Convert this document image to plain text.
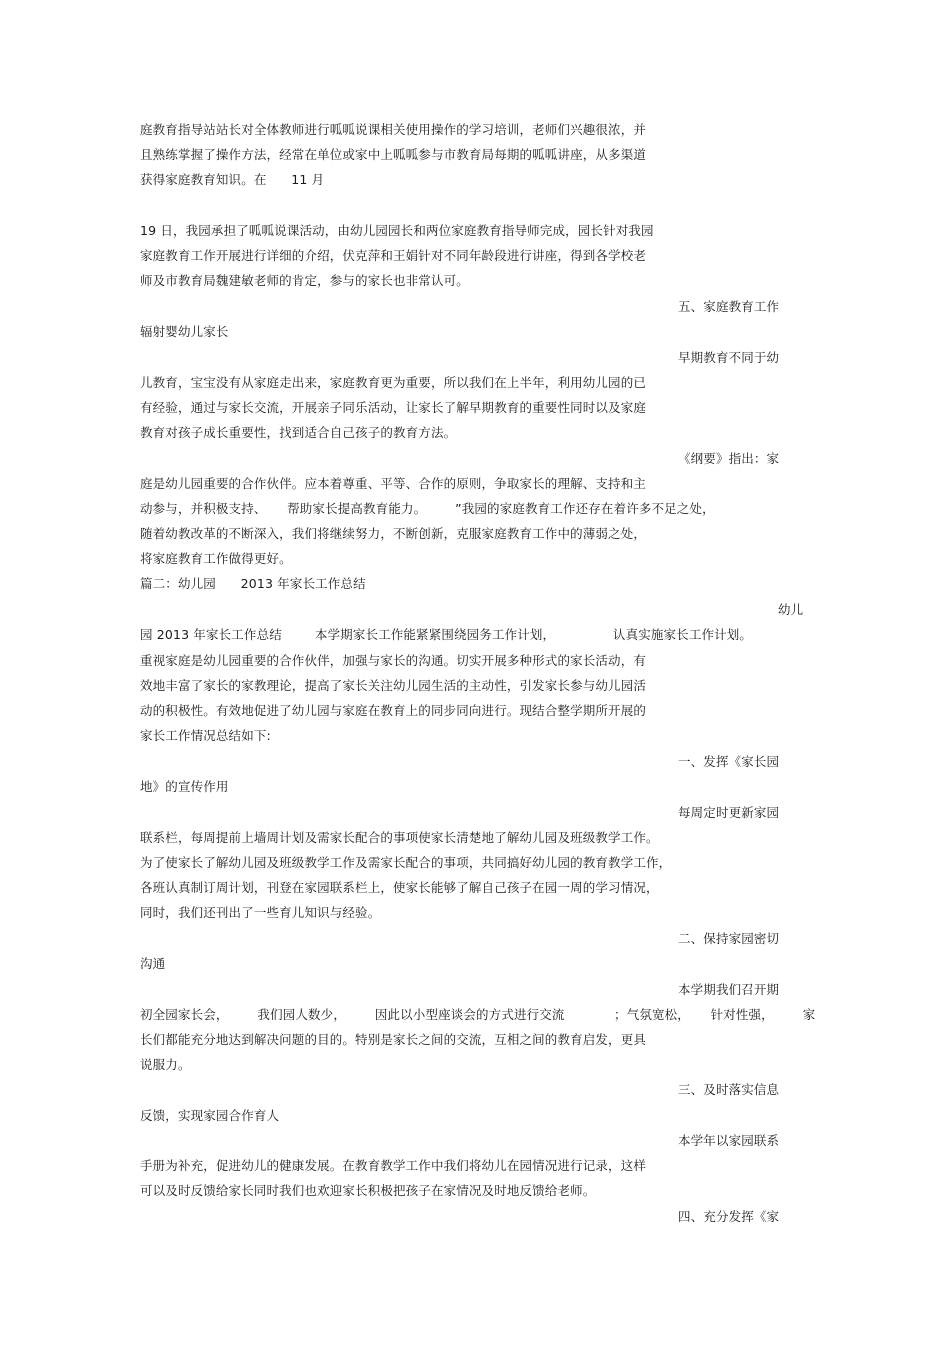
庭教育指导站站长对全体教师进行呱呱说课相关使用操作的学习培训，老师们兴趣很浓，并
且熟练掌握了操作方法，经常在单位或家中上呱呱参与市教育局每期的呱呱讲座，从多渠道
获得家庭教育知识。在      11 月
19 日，我园承担了呱呱说课活动，由幼儿园园长和两位家庭教育指导师完成，园长针对我园
家庭教育工作开展进行详细的介绍，伏克萍和王娟针对不同年龄段进行讲座，得到各学校老
师及市教育局魏建敏老师的肯定，参与的家长也非常认可。
五、家庭教育工作
辐射婴幼儿家长
早期教育不同于幼
儿教育，宝宝没有从家庭走出来，家庭教育更为重要，所以我们在上半年，利用幼儿园的已
有经验，通过与家长交流，开展亲子同乐活动，让家长了解早期教育的重要性同时以及家庭
教育对孩子成长重要性，找到适合自己孩子的教育方法。
《纲要》指出：家
庭是幼儿园重要的合作伙伴。应本着尊重、平等、合作的原则，争取家长的理解、支持和主
动参与，并积极支持、     帮助家长提高教育能力。       ”我园的家庭教育工作还存在着许多不足之处，
随着幼教改革的不断深入，我们将继续努力，不断创新，克服家庭教育工作中的薄弱之处，
将家庭教育工作做得更好。
篇二：幼儿园      2013 年家长工作总结
幼儿
园 2013 年家长工作总结        本学期家长工作能紧紧围绕园务工作计划，              认真实施家长工作计划。
重视家庭是幼儿园重要的合作伙伴，加强与家长的沟通。切实开展多种形式的家长活动，有
效地丰富了家长的家教理论，提高了家长关注幼儿园生活的主动性，引发家长参与幼儿园活
动的积极性。有效地促进了幼儿园与家庭在教育上的同步同向进行。现结合整学期所开展的
家长工作情况总结如下:
一、发挥《家长园
地》的宣传作用
每周定时更新家园
联系栏，每周提前上墙周计划及需家长配合的事项使家长清楚地了解幼儿园及班级教学工作。
为了使家长了解幼儿园及班级教学工作及需家长配合的事项，共同搞好幼儿园的教育教学工作，
各班认真制订周计划，刊登在家园联系栏上，使家长能够了解自己孩子在园一周的学习情况，
同时，我们还刊出了一些育儿知识与经验。
二、保持家园密切
沟通
本学期我们召开期
初全园家长会，       我们园人数少，       因此以小型座谈会的方式进行交流            ；气氛宽松，     针对性强，       家
长们都能充分地达到解决问题的目的。特别是家长之间的交流，互相之间的教育启发，更具
说服力。
三、及时落实信息
反馈，实现家园合作育人
本学年以家园联系
手册为补充，促进幼儿的健康发展。在教育教学工作中我们将幼儿在园情况进行记录，这样
可以及时反馈给家长同时我们也欢迎家长积极把孩子在家情况及时地反馈给老师。
四、充分发挥《家
